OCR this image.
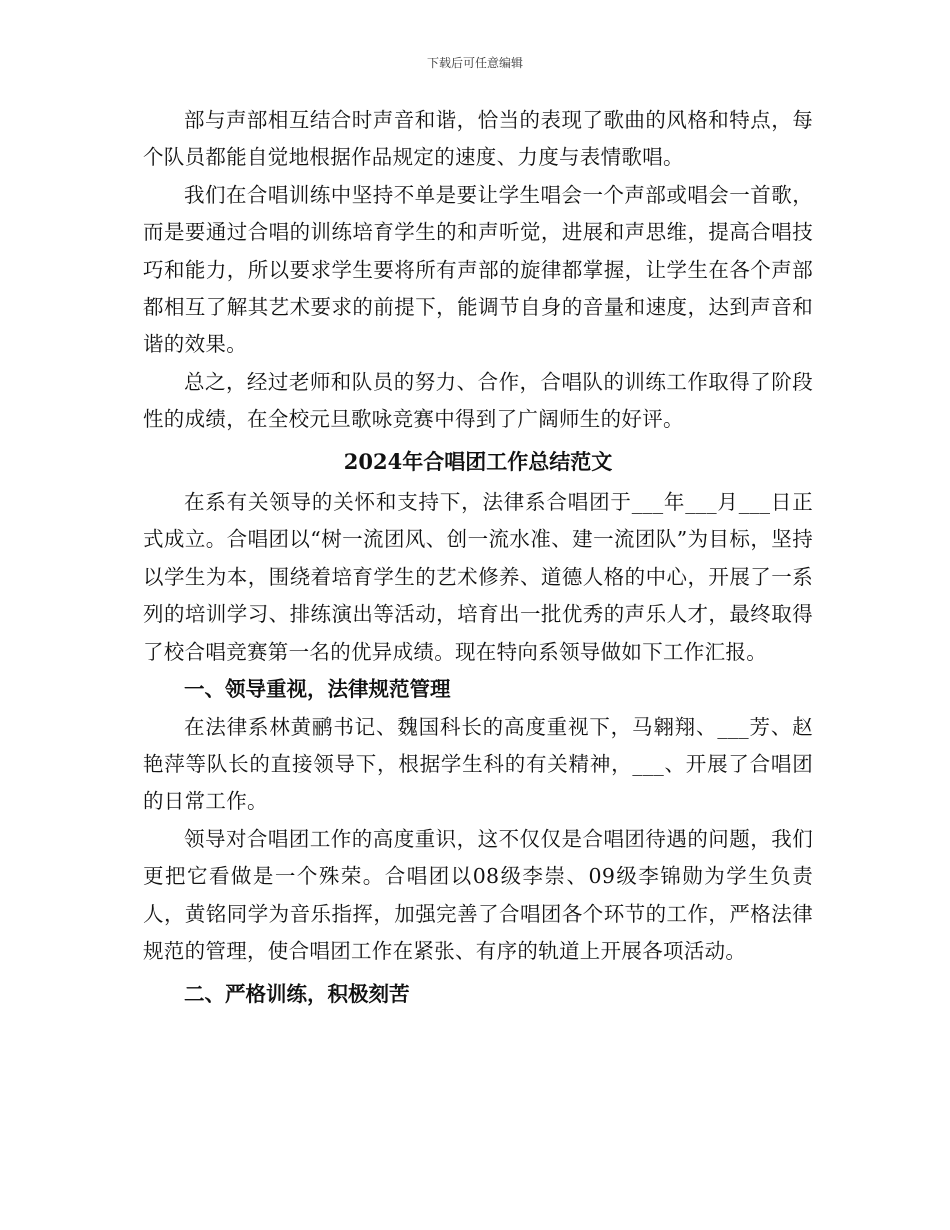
下载后可任意编辑

部与声部相互结合时声音和谐，恰当的表现了歌曲的风格和特点，每个队员都能自觉地根据作品规定的速度、力度与表情歌唱。

我们在合唱训练中坚持不单是要让学生唱会一个声部或唱会一首歌，而是要通过合唱的训练培育学生的和声听觉，进展和声思维，提高合唱技巧和能力，所以要求学生要将所有声部的旋律都掌握，让学生在各个声部都相互了解其艺术要求的前提下，能调节自身的音量和速度，达到声音和谐的效果。

总之，经过老师和队员的努力、合作，合唱队的训练工作取得了阶段性的成绩，在全校元旦歌咏竞赛中得到了广阔师生的好评。

2024年合唱团工作总结范文

在系有关领导的关怀和支持下，法律系合唱团于___年___月___日正式成立。合唱团以“树一流团风、创一流水准、建一流团队”为目标，坚持以学生为本，围绕着培育学生的艺术修养、道德人格的中心，开展了一系列的培训学习、排练演出等活动，培育出一批优秀的声乐人才，最终取得了校合唱竞赛第一名的优异成绩。现在特向系领导做如下工作汇报。

一、领导重视，法律规范管理

在法律系林黄鹂书记、魏国科长的高度重视下，马翱翔、___芳、赵艳萍等队长的直接领导下，根据学生科的有关精神，___、开展了合唱团的日常工作。

领导对合唱团工作的高度重识，这不仅仅是合唱团待遇的问题，我们更把它看做是一个殊荣。合唱团以08级李崇、09级李锦勋为学生负责人，黄铭同学为音乐指挥，加强完善了合唱团各个环节的工作，严格法律规范的管理，使合唱团工作在紧张、有序的轨道上开展各项活动。

二、严格训练，积极刻苦
